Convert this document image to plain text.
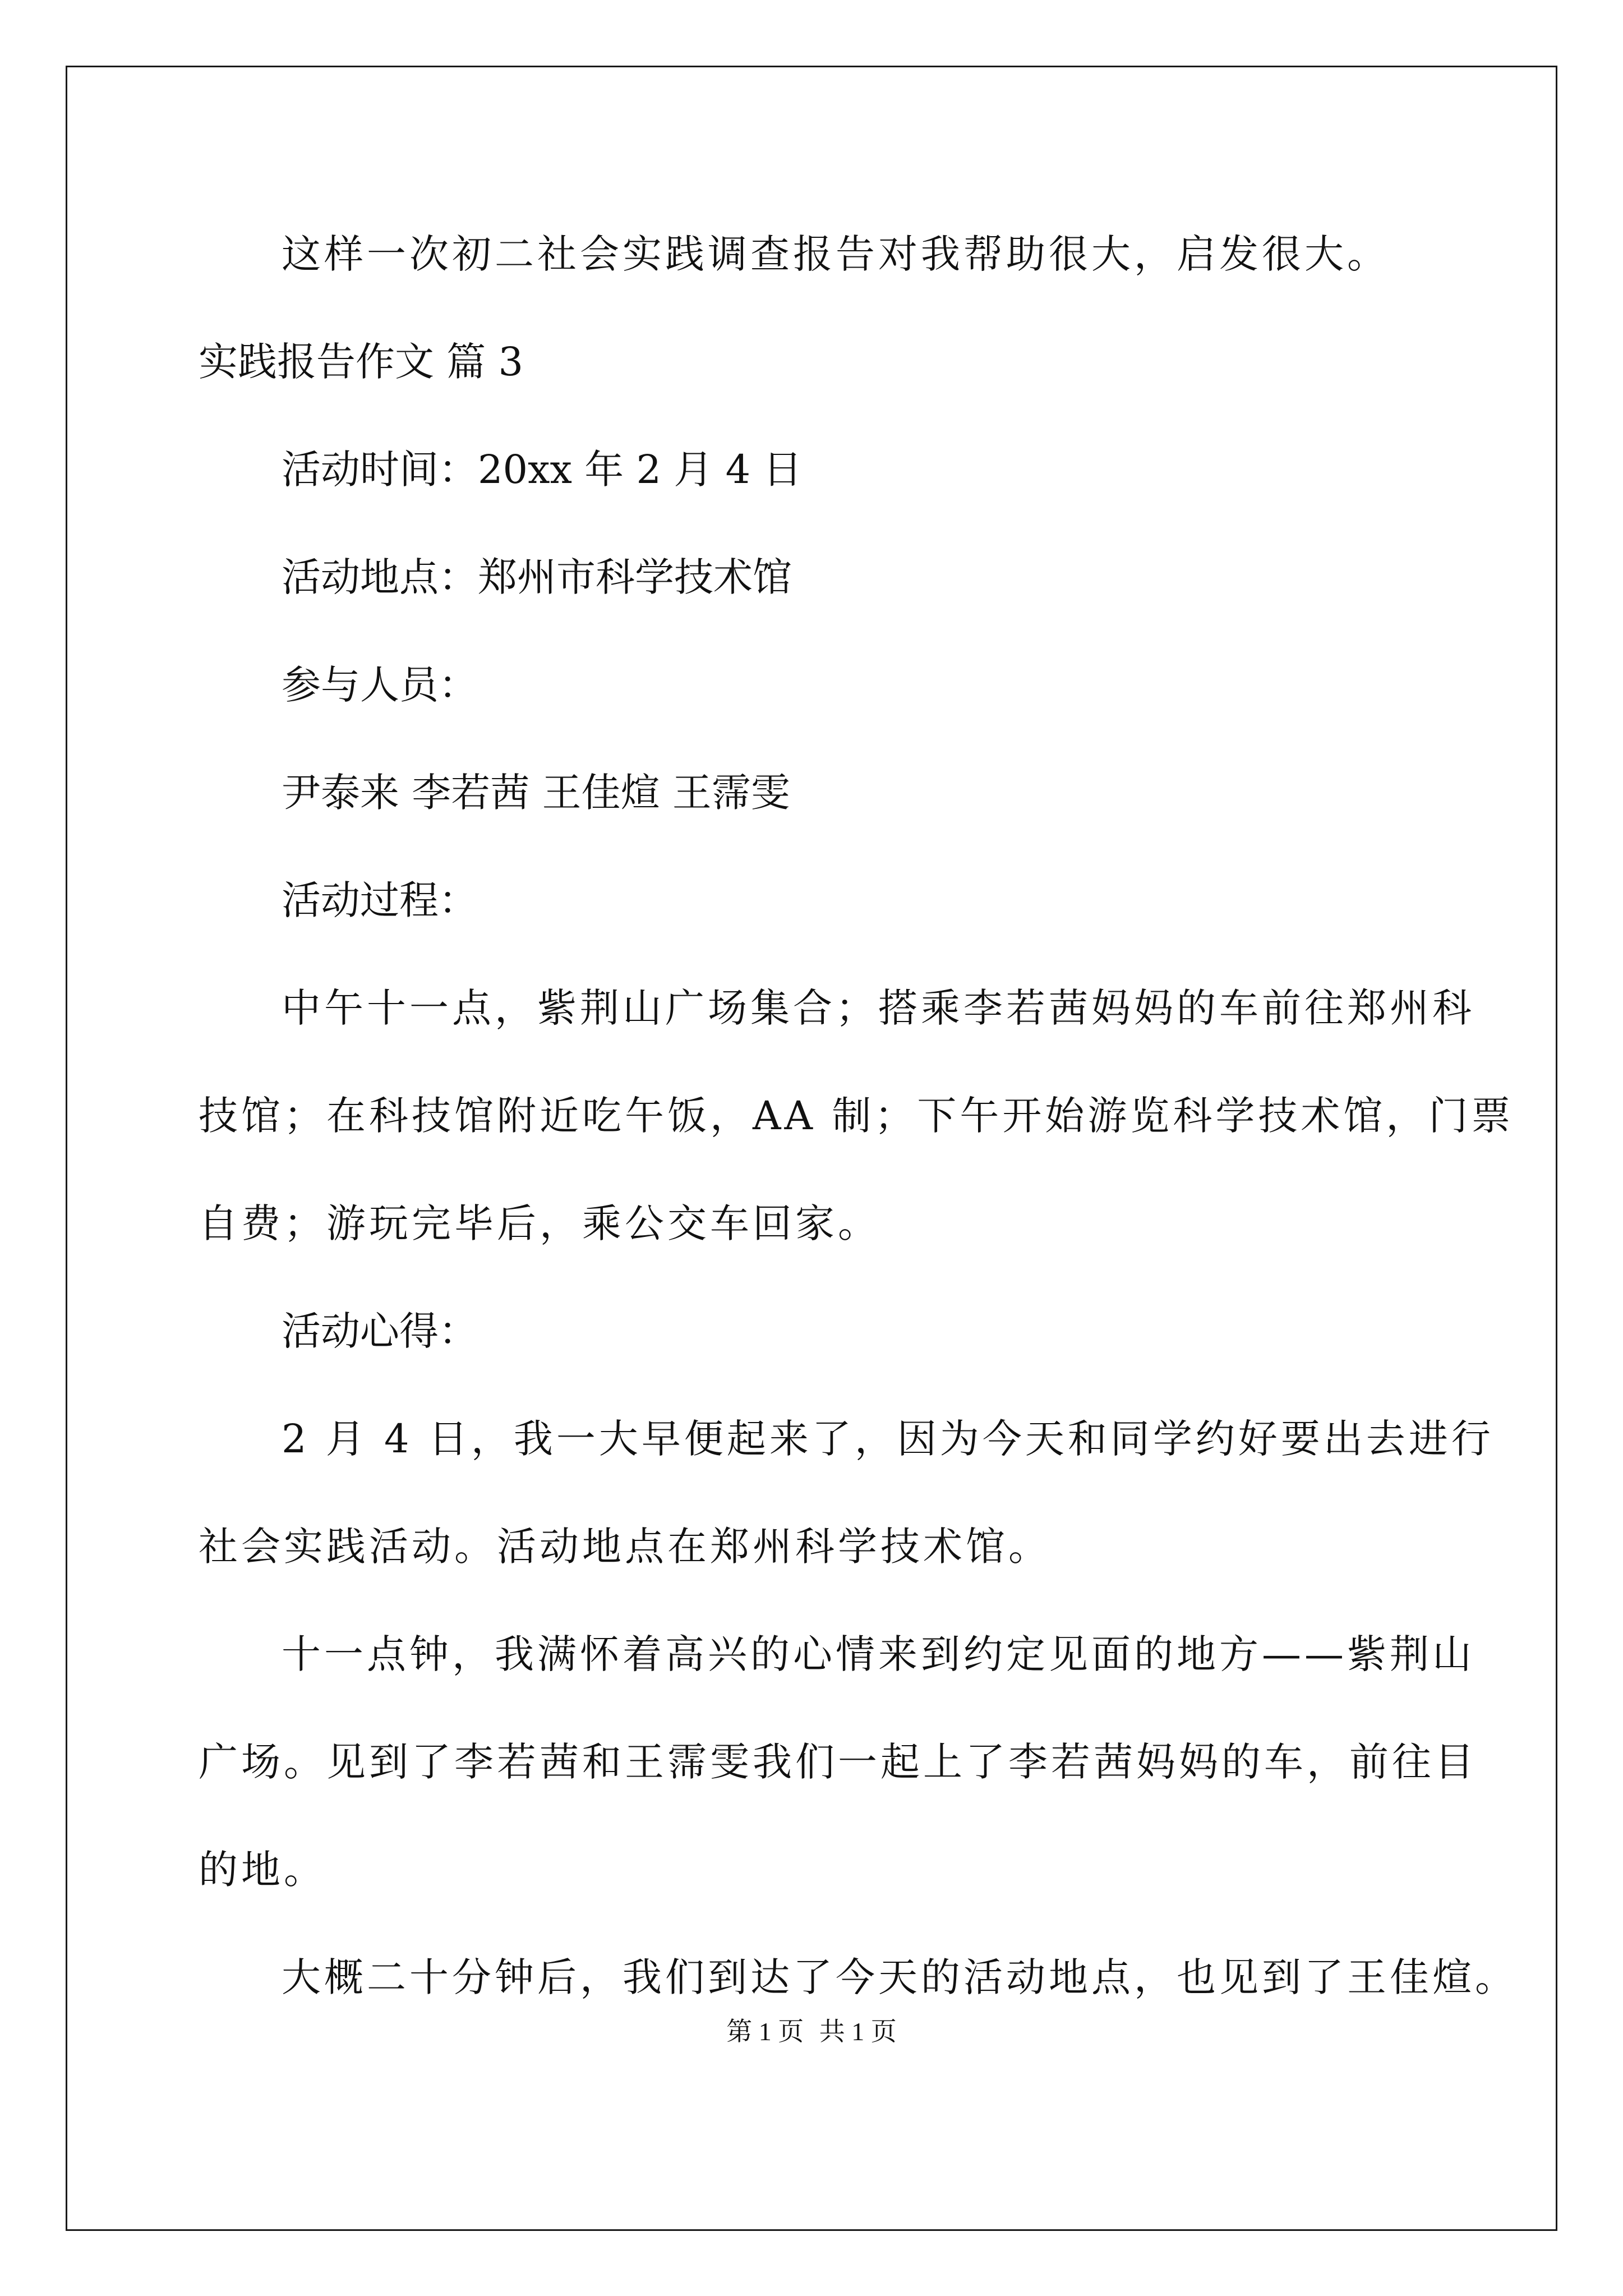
这样一次初二社会实践调查报告对我帮助很大，启发很大。
实践报告作文 篇 3
活动时间：20xx 年 2 月 4 日
活动地点：郑州市科学技术馆
参与人员：
尹泰来 李若茜 王佳煊 王霈雯
活动过程：
中午十一点，紫荆山广场集合；搭乘李若茜妈妈的车前往郑州科
技馆；在科技馆附近吃午饭，AA 制；下午开始游览科学技术馆，门票
自费；游玩完毕后，乘公交车回家。
活动心得：
2 月 4 日，我一大早便起来了，因为今天和同学约好要出去进行
社会实践活动。活动地点在郑州科学技术馆。
十一点钟，我满怀着高兴的心情来到约定见面的地方——紫荆山
广场。见到了李若茜和王霈雯我们一起上了李若茜妈妈的车，前往目
的地。
大概二十分钟后，我们到达了今天的活动地点，也见到了王佳煊。
第 1 页 共 1 页
